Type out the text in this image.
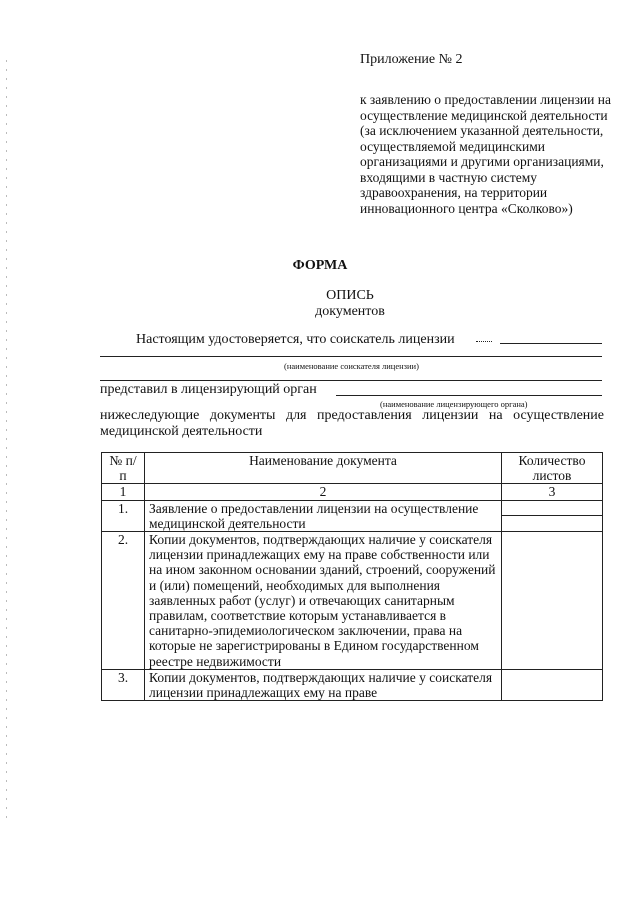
Приложение № 2
к заявлению о предоставлении лицензии на осуществление медицинской деятельности (за исключением указанной деятельности, осуществляемой медицинскими организациями и другими организациями, входящими в частную систему здравоохранения, на территории инновационного центра «Сколково»)
ФОРМА
ОПИСЬ
документов
Настоящим удостоверяется, что соискатель лицензии
(наименование соискателя лицензии)
представил в лицензирующий орган
(наименование лицензирующего органа)
нижеследующие документы для предоставления лицензии на осуществление медицинской деятельности
№ п/п	Наименование документа	Количество листов
1	2	3
1.	Заявление о предоставлении лицензии на осуществление медицинской деятельности	

2.	Копии документов, подтверждающих наличие у соискателя лицензии принадлежащих ему на праве собственности или на ином законном основании зданий, строений, сооружений и (или) помещений, необходимых для выполнения заявленных работ (услуг) и отвечающих санитарным правилам, соответствие которым устанавливается в санитарно-эпидемиологическом заключении, права на которые не зарегистрированы в Едином государственном реестре недвижимости	
3.	Копии документов, подтверждающих наличие у соискателя лицензии принадлежащих ему на праве	
